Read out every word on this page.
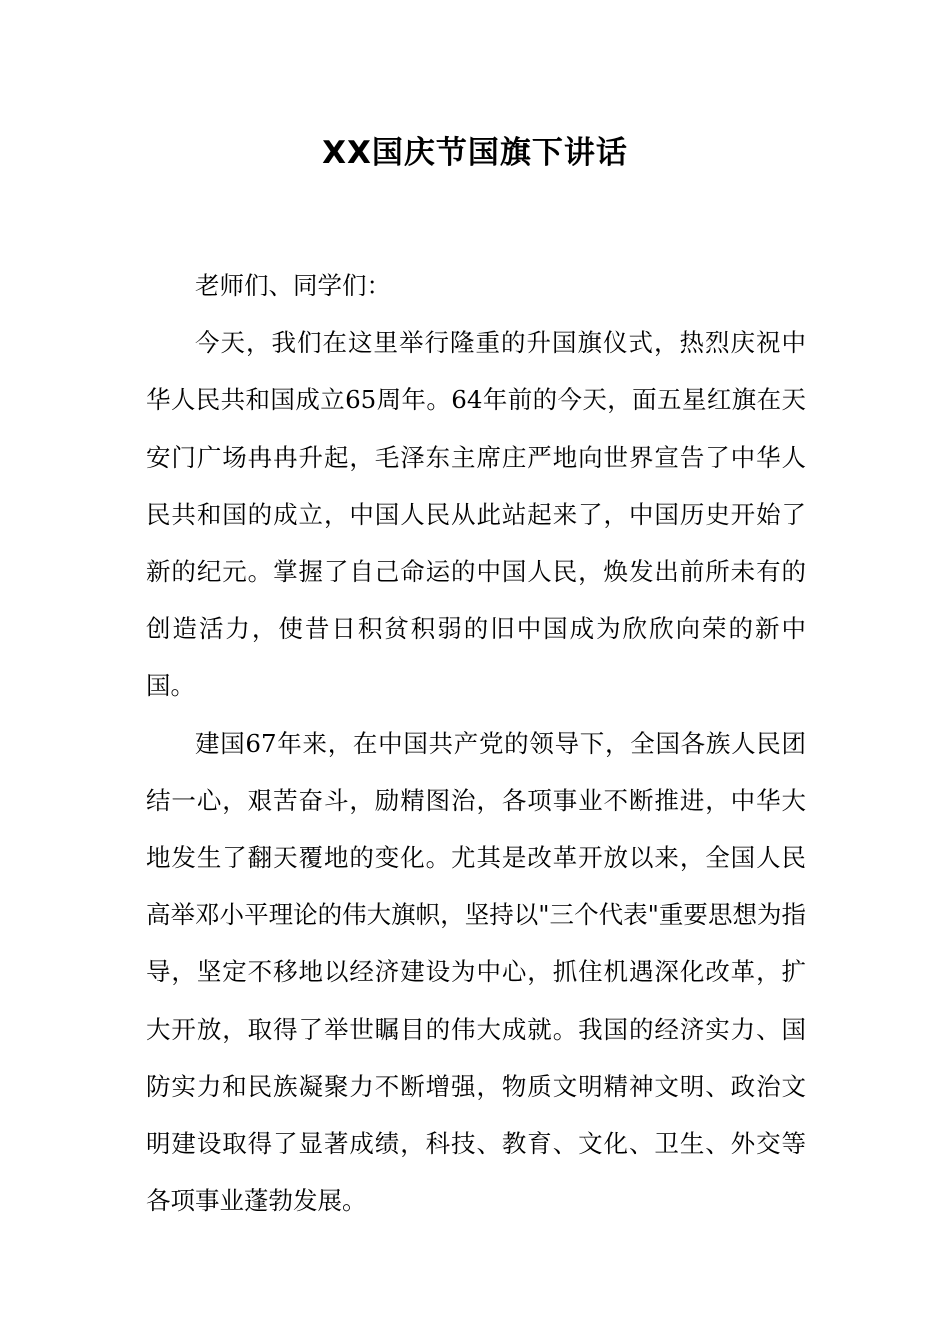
XX国庆节国旗下讲话

老师们、同学们：

今天，我们在这里举行隆重的升国旗仪式，热烈庆祝中华人民共和国成立65周年。64年前的今天，面五星红旗在天安门广场冉冉升起，毛泽东主席庄严地向世界宣告了中华人民共和国的成立，中国人民从此站起来了，中国历史开始了新的纪元。掌握了自己命运的中国人民，焕发出前所未有的创造活力，使昔日积贫积弱的旧中国成为欣欣向荣的新中国。

建国67年来，在中国共产党的领导下，全国各族人民团结一心，艰苦奋斗，励精图治，各项事业不断推进，中华大地发生了翻天覆地的变化。尤其是改革开放以来，全国人民高举邓小平理论的伟大旗帜，坚持以"三个代表"重要思想为指导，坚定不移地以经济建设为中心，抓住机遇深化改革，扩大开放，取得了举世瞩目的伟大成就。我国的经济实力、国防实力和民族凝聚力不断增强，物质文明精神文明、政治文明建设取得了显著成绩，科技、教育、文化、卫生、外交等各项事业蓬勃发展。
